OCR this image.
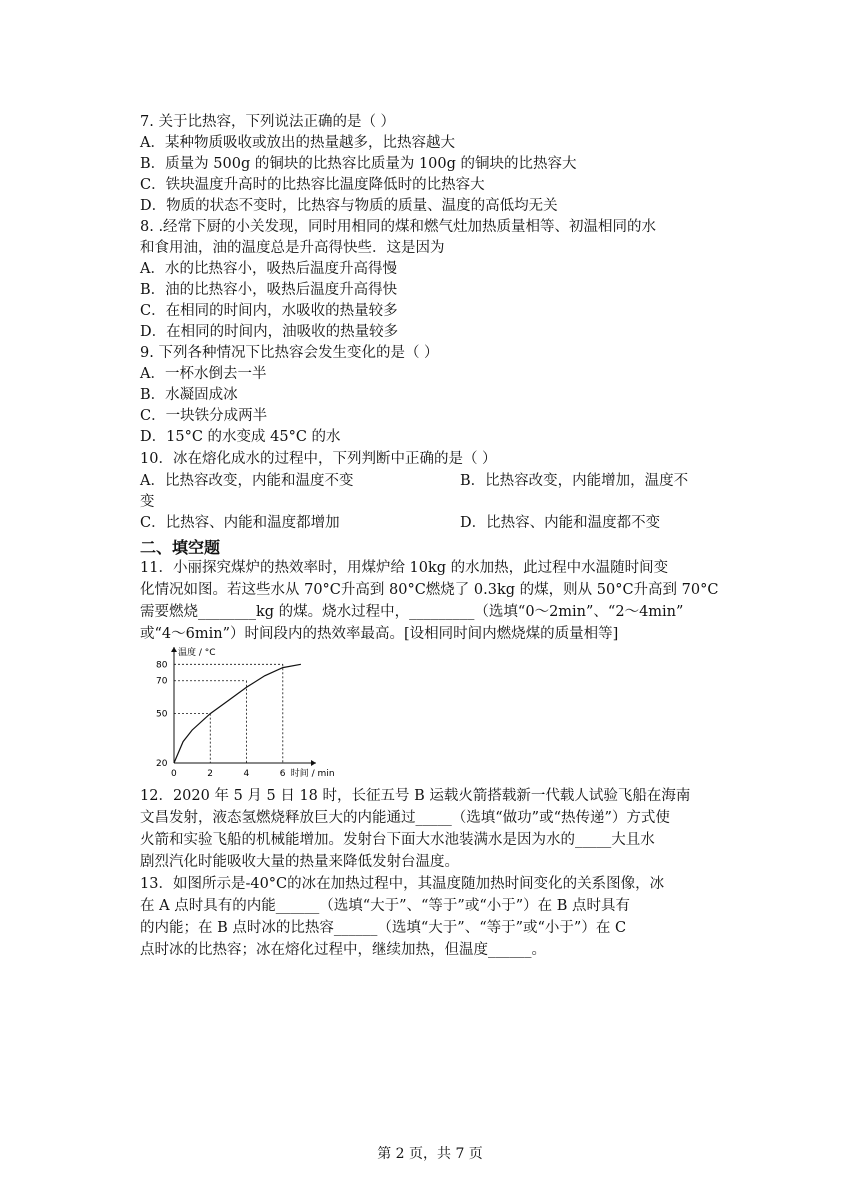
7. 关于比热容，下列说法正确的是（ ）
A．某种物质吸收或放出的热量越多，比热容越大
B．质量为 500g 的铜块的比热容比质量为 100g 的铜块的比热容大
C．铁块温度升高时的比热容比温度降低时的比热容大
D．物质的状态不变时，比热容与物质的质量、温度的高低均无关
8. .经常下厨的小关发现，同时用相同的煤和燃气灶加热质量相等、初温相同的水
和食用油，油的温度总是升高得快些．这是因为
A．水的比热容小，吸热后温度升高得慢
B．油的比热容小，吸热后温度升高得快
C．在相同的时间内，水吸收的热量较多
D．在相同的时间内，油吸收的热量较多
9. 下列各种情况下比热容会发生变化的是（ ）
A．一杯水倒去一半
B．水凝固成冰
C．一块铁分成两半
D．15°C 的水变成 45°C 的水
10．冰在熔化成水的过程中，下列判断中正确的是（ ）
A．比热容改变，内能和温度不变	B．比热容改变，内能增加，温度不
变
C．比热容、内能和温度都增加	D．比热容、内能和温度都不变
二、填空题
11．小丽探究煤炉的热效率时，用煤炉给 10kg 的水加热，此过程中水温随时间变
化情况如图。若这些水从 70°C升高到 80°C燃烧了 0.3kg 的煤，则从 50°C升高到 70°C
需要燃烧________kg 的煤。烧水过程中，_________（选填“0～2min”、“2～4min”
或“4～6min”）时间段内的热效率最高。[设相同时间内燃烧煤的质量相等]
温度 / °C
时间 / min
0	2	4	6
20
50
70
80
12．2020 年 5 月 5 日 18 时，长征五号 B 运载火箭搭载新一代载人试验飞船在海南
文昌发射，液态氢燃烧释放巨大的内能通过_____（选填“做功”或“热传递”）方式使
火箭和实验飞船的机械能增加。发射台下面大水池装满水是因为水的_____大且水
剧烈汽化时能吸收大量的热量来降低发射台温度。
13．如图所示是-40°C的冰在加热过程中，其温度随加热时间变化的关系图像，冰
在 A 点时具有的内能______（选填“大于”、“等于”或“小于”）在 B 点时具有
的内能；在 B 点时冰的比热容______（选填“大于”、“等于”或“小于”）在 C
点时冰的比热容；冰在熔化过程中，继续加热，但温度______。
第 2 页，共 7 页
